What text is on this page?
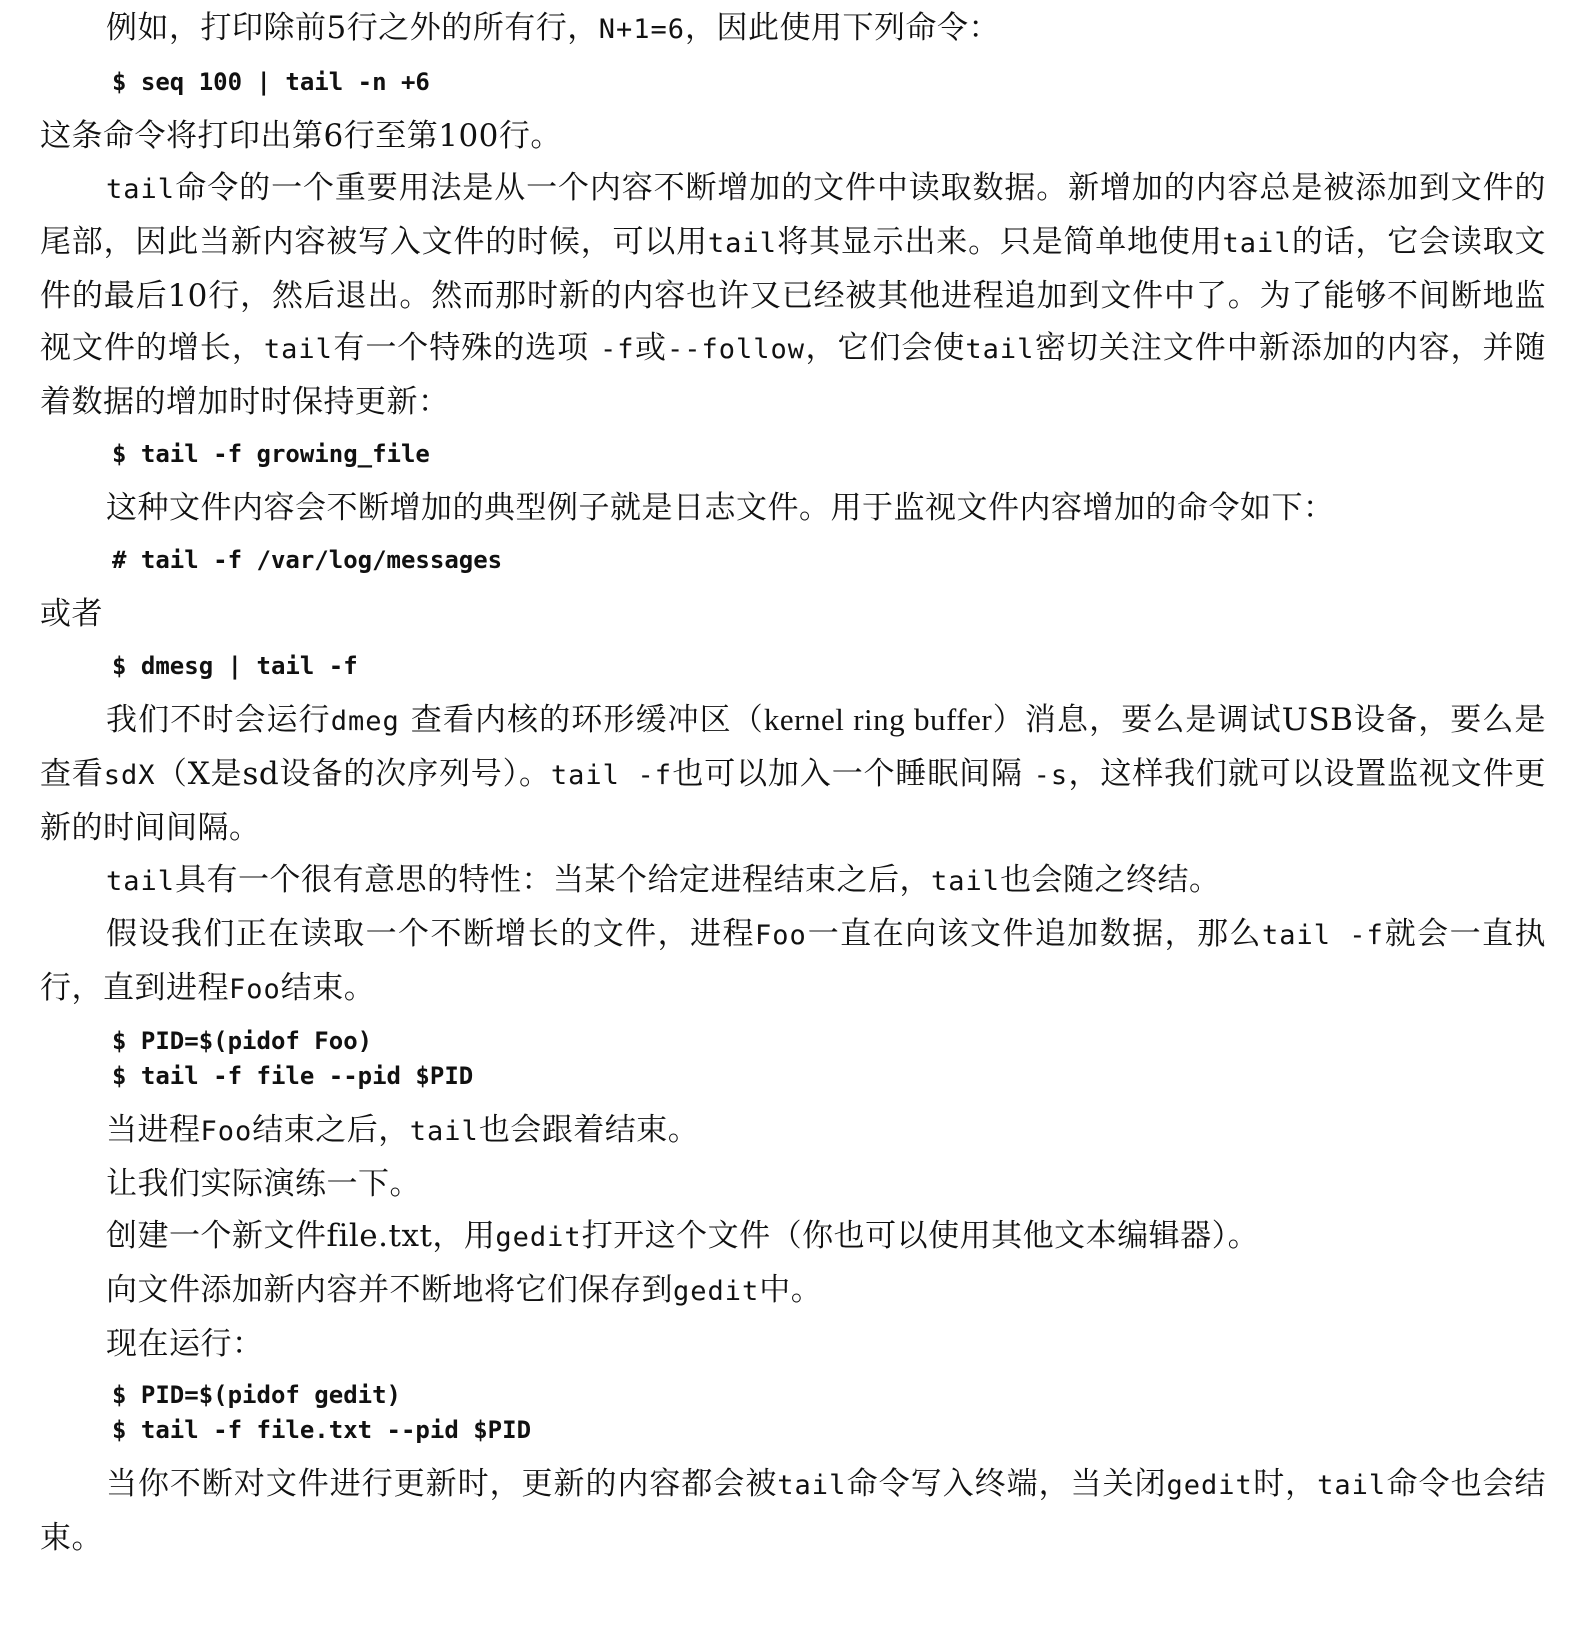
例如，打印除前5行之外的所有行，N+1=6，因此使用下列命令：

$ seq 100 | tail -n +6

这条命令将打印出第6行至第100行。

tail命令的一个重要用法是从一个内容不断增加的文件中读取数据。新增加的内容总是被添加到文件的尾部，因此当新内容被写入文件的时候，可以用tail将其显示出来。只是简单地使用tail的话，它会读取文件的最后10行，然后退出。然而那时新的内容也许又已经被其他进程追加到文件中了。为了能够不间断地监视文件的增长，tail有一个特殊的选项 -f或--follow，它们会使tail密切关注文件中新添加的内容，并随着数据的增加时时保持更新：

$ tail -f growing_file

这种文件内容会不断增加的典型例子就是日志文件。用于监视文件内容增加的命令如下：

# tail -f /var/log/messages

或者

$ dmesg | tail -f

我们不时会运行dmeg 查看内核的环形缓冲区（kernel ring buffer）消息，要么是调试USB设备，要么是查看sdX（X是sd设备的次序列号）。tail -f也可以加入一个睡眠间隔 -s，这样我们就可以设置监视文件更新的时间间隔。

tail具有一个很有意思的特性：当某个给定进程结束之后，tail也会随之终结。

假设我们正在读取一个不断增长的文件，进程Foo一直在向该文件追加数据，那么tail -f就会一直执行，直到进程Foo结束。

$ PID=$(pidof Foo)
$ tail -f file --pid $PID

当进程Foo结束之后，tail也会跟着结束。

让我们实际演练一下。

创建一个新文件file.txt，用gedit打开这个文件（你也可以使用其他文本编辑器）。

向文件添加新内容并不断地将它们保存到gedit中。

现在运行：

$ PID=$(pidof gedit)
$ tail -f file.txt --pid $PID

当你不断对文件进行更新时，更新的内容都会被tail命令写入终端，当关闭gedit时，tail命令也会结束。
